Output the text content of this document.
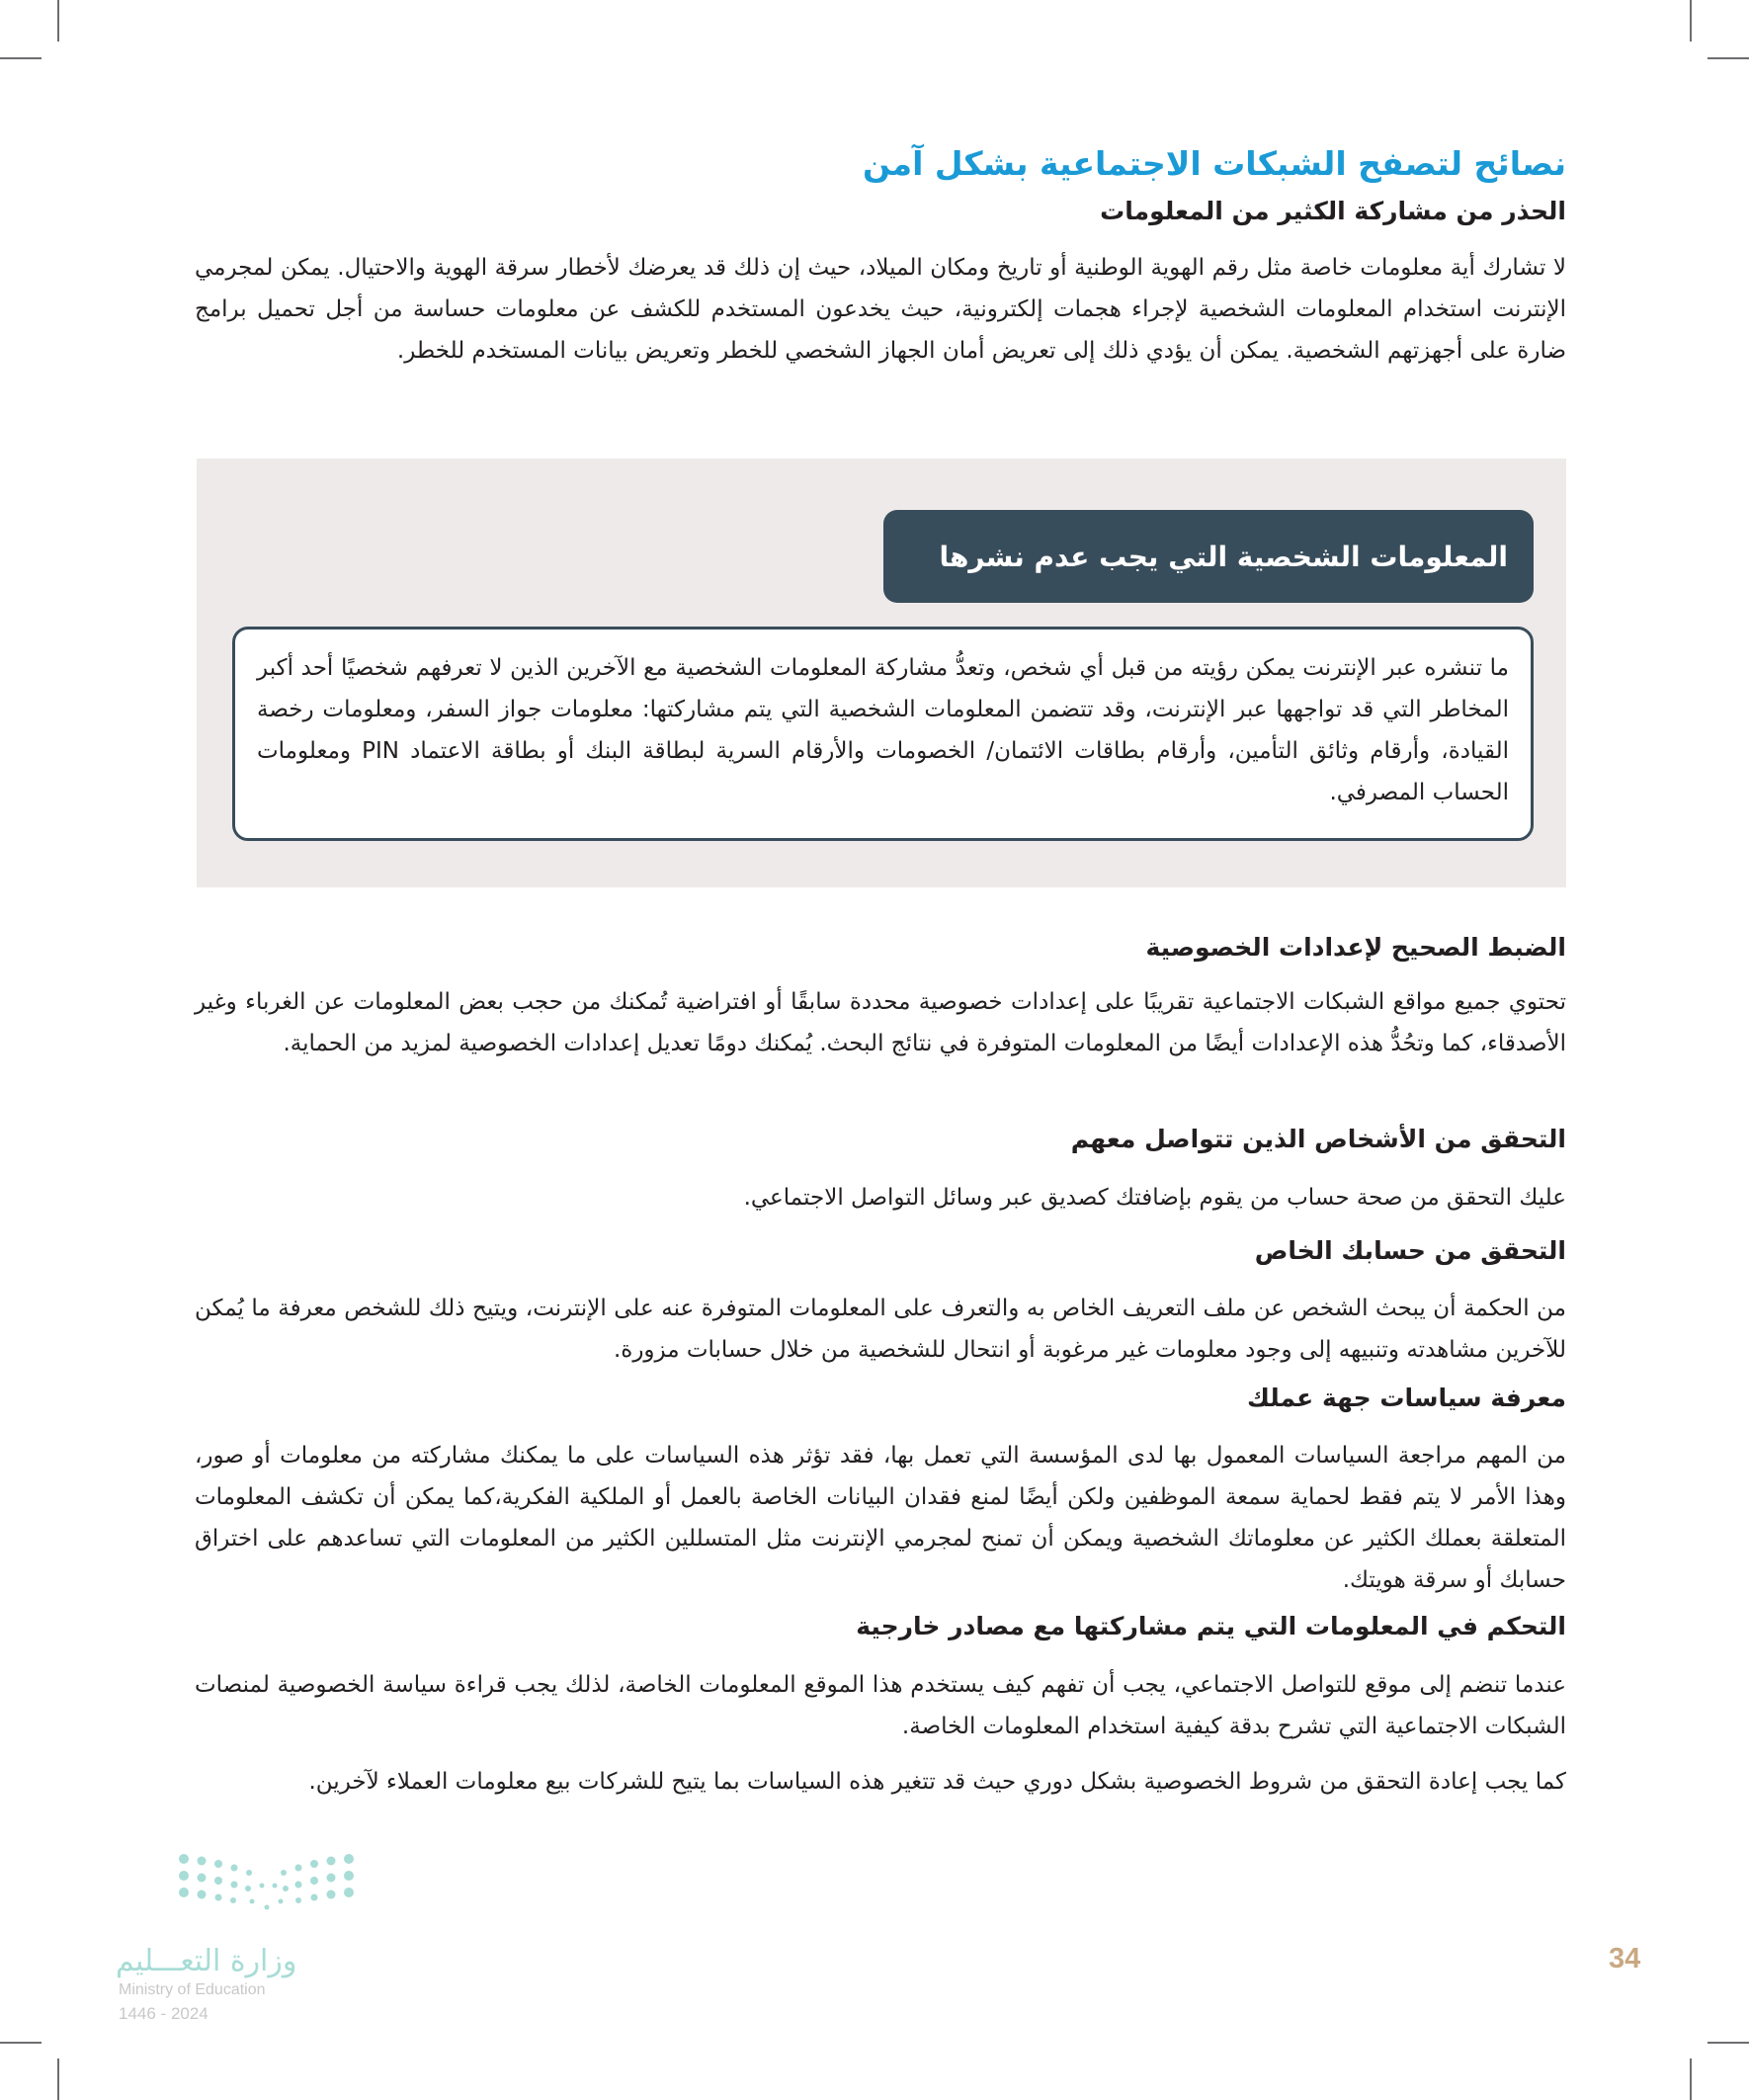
نصائح لتصفح الشبكات الاجتماعية بشكل آمن
الحذر من مشاركة الكثير من المعلومات
لا تشارك أية معلومات خاصة مثل رقم الهوية الوطنية أو تاريخ ومكان الميلاد، حيث إن ذلك قد يعرضك لأخطار سرقة الهوية والاحتيال. يمكن لمجرمي الإنترنت استخدام المعلومات الشخصية لإجراء هجمات إلكترونية، حيث يخدعون المستخدم للكشف عن معلومات حساسة من أجل تحميل برامج ضارة على أجهزتهم الشخصية. يمكن أن يؤدي ذلك إلى تعريض أمان الجهاز الشخصي للخطر وتعريض بيانات المستخدم للخطر.
المعلومات الشخصية التي يجب عدم نشرها
ما تنشره عبر الإنترنت يمكن رؤيته من قبل أي شخص، وتعدُّ مشاركة المعلومات الشخصية مع الآخرين الذين لا تعرفهم شخصيًا أحد أكبر المخاطر التي قد تواجهها عبر الإنترنت، وقد تتضمن المعلومات الشخصية التي يتم مشاركتها: معلومات جواز السفر، ومعلومات رخصة القيادة، وأرقام وثائق التأمين، وأرقام بطاقات الائتمان/ الخصومات والأرقام السرية لبطاقة البنك أو بطاقة الاعتماد PIN ومعلومات الحساب المصرفي.
الضبط الصحيح لإعدادات الخصوصية
تحتوي جميع مواقع الشبكات الاجتماعية تقريبًا على إعدادات خصوصية محددة سابقًا أو افتراضية تُمكنك من حجب بعض المعلومات عن الغرباء وغير الأصدقاء، كما وتحُدُّ هذه الإعدادات أيضًا من المعلومات المتوفرة في نتائج البحث. يُمكنك دومًا تعديل إعدادات الخصوصية لمزيد من الحماية.
التحقق من الأشخاص الذين تتواصل معهم
عليك التحقق من صحة حساب من يقوم بإضافتك كصديق عبر وسائل التواصل الاجتماعي.
التحقق من حسابك الخاص
من الحكمة أن يبحث الشخص عن ملف التعريف الخاص به والتعرف على المعلومات المتوفرة عنه على الإنترنت، ويتيح ذلك للشخص معرفة ما يُمكن للآخرين مشاهدته وتنبيهه إلى وجود معلومات غير مرغوبة أو انتحال للشخصية من خلال حسابات مزورة.
معرفة سياسات جهة عملك
من المهم مراجعة السياسات المعمول بها لدى المؤسسة التي تعمل بها، فقد تؤثر هذه السياسات على ما يمكنك مشاركته من معلومات أو صور، وهذا الأمر لا يتم فقط لحماية سمعة الموظفين ولكن أيضًا لمنع فقدان البيانات الخاصة بالعمل أو الملكية الفكرية،كما يمكن أن تكشف المعلومات المتعلقة بعملك الكثير عن معلوماتك الشخصية ويمكن أن تمنح لمجرمي الإنترنت مثل المتسللين الكثير من المعلومات التي تساعدهم على اختراق حسابك أو سرقة هويتك.
التحكم في المعلومات التي يتم مشاركتها مع مصادر خارجية
عندما تنضم إلى موقع للتواصل الاجتماعي، يجب أن تفهم كيف يستخدم هذا الموقع المعلومات الخاصة، لذلك يجب قراءة سياسة الخصوصية لمنصات الشبكات الاجتماعية التي تشرح بدقة كيفية استخدام المعلومات الخاصة.
كما يجب إعادة التحقق من شروط الخصوصية بشكل دوري حيث قد تتغير هذه السياسات بما يتيح للشركات بيع معلومات العملاء لآخرين.
وزارة التعـــليم
Ministry of Education
2024 - 1446
34
